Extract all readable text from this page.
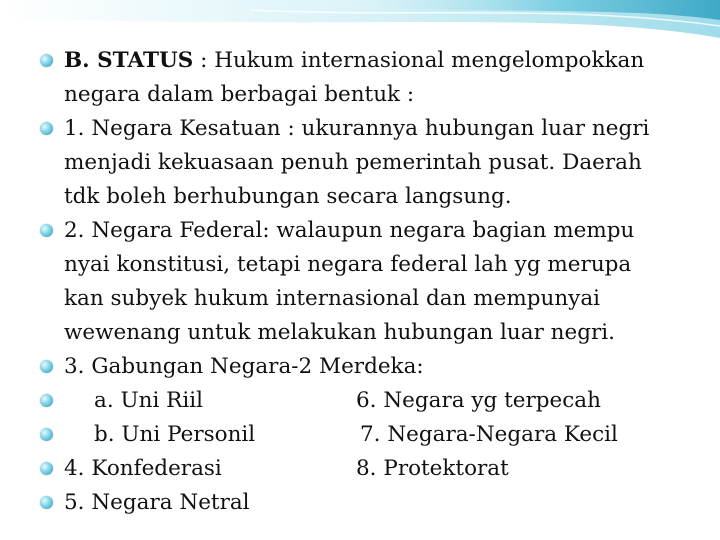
B. STATUS : Hukum internasional mengelompokkan
negara dalam berbagai bentuk :
1. Negara Kesatuan : ukurannya hubungan luar negri
menjadi kekuasaan penuh pemerintah pusat. Daerah
tdk boleh berhubungan secara langsung.
2. Negara Federal: walaupun negara bagian mempu
nyai konstitusi, tetapi negara federal lah yg merupa
kan subyek hukum internasional dan mempunyai
wewenang untuk melakukan hubungan luar negri.
3. Gabungan Negara-2 Merdeka:
a. Uni Riil	6. Negara yg terpecah
b. Uni Personil	7. Negara-Negara Kecil
4. Konfederasi	8. Protektorat
5. Negara Netral
